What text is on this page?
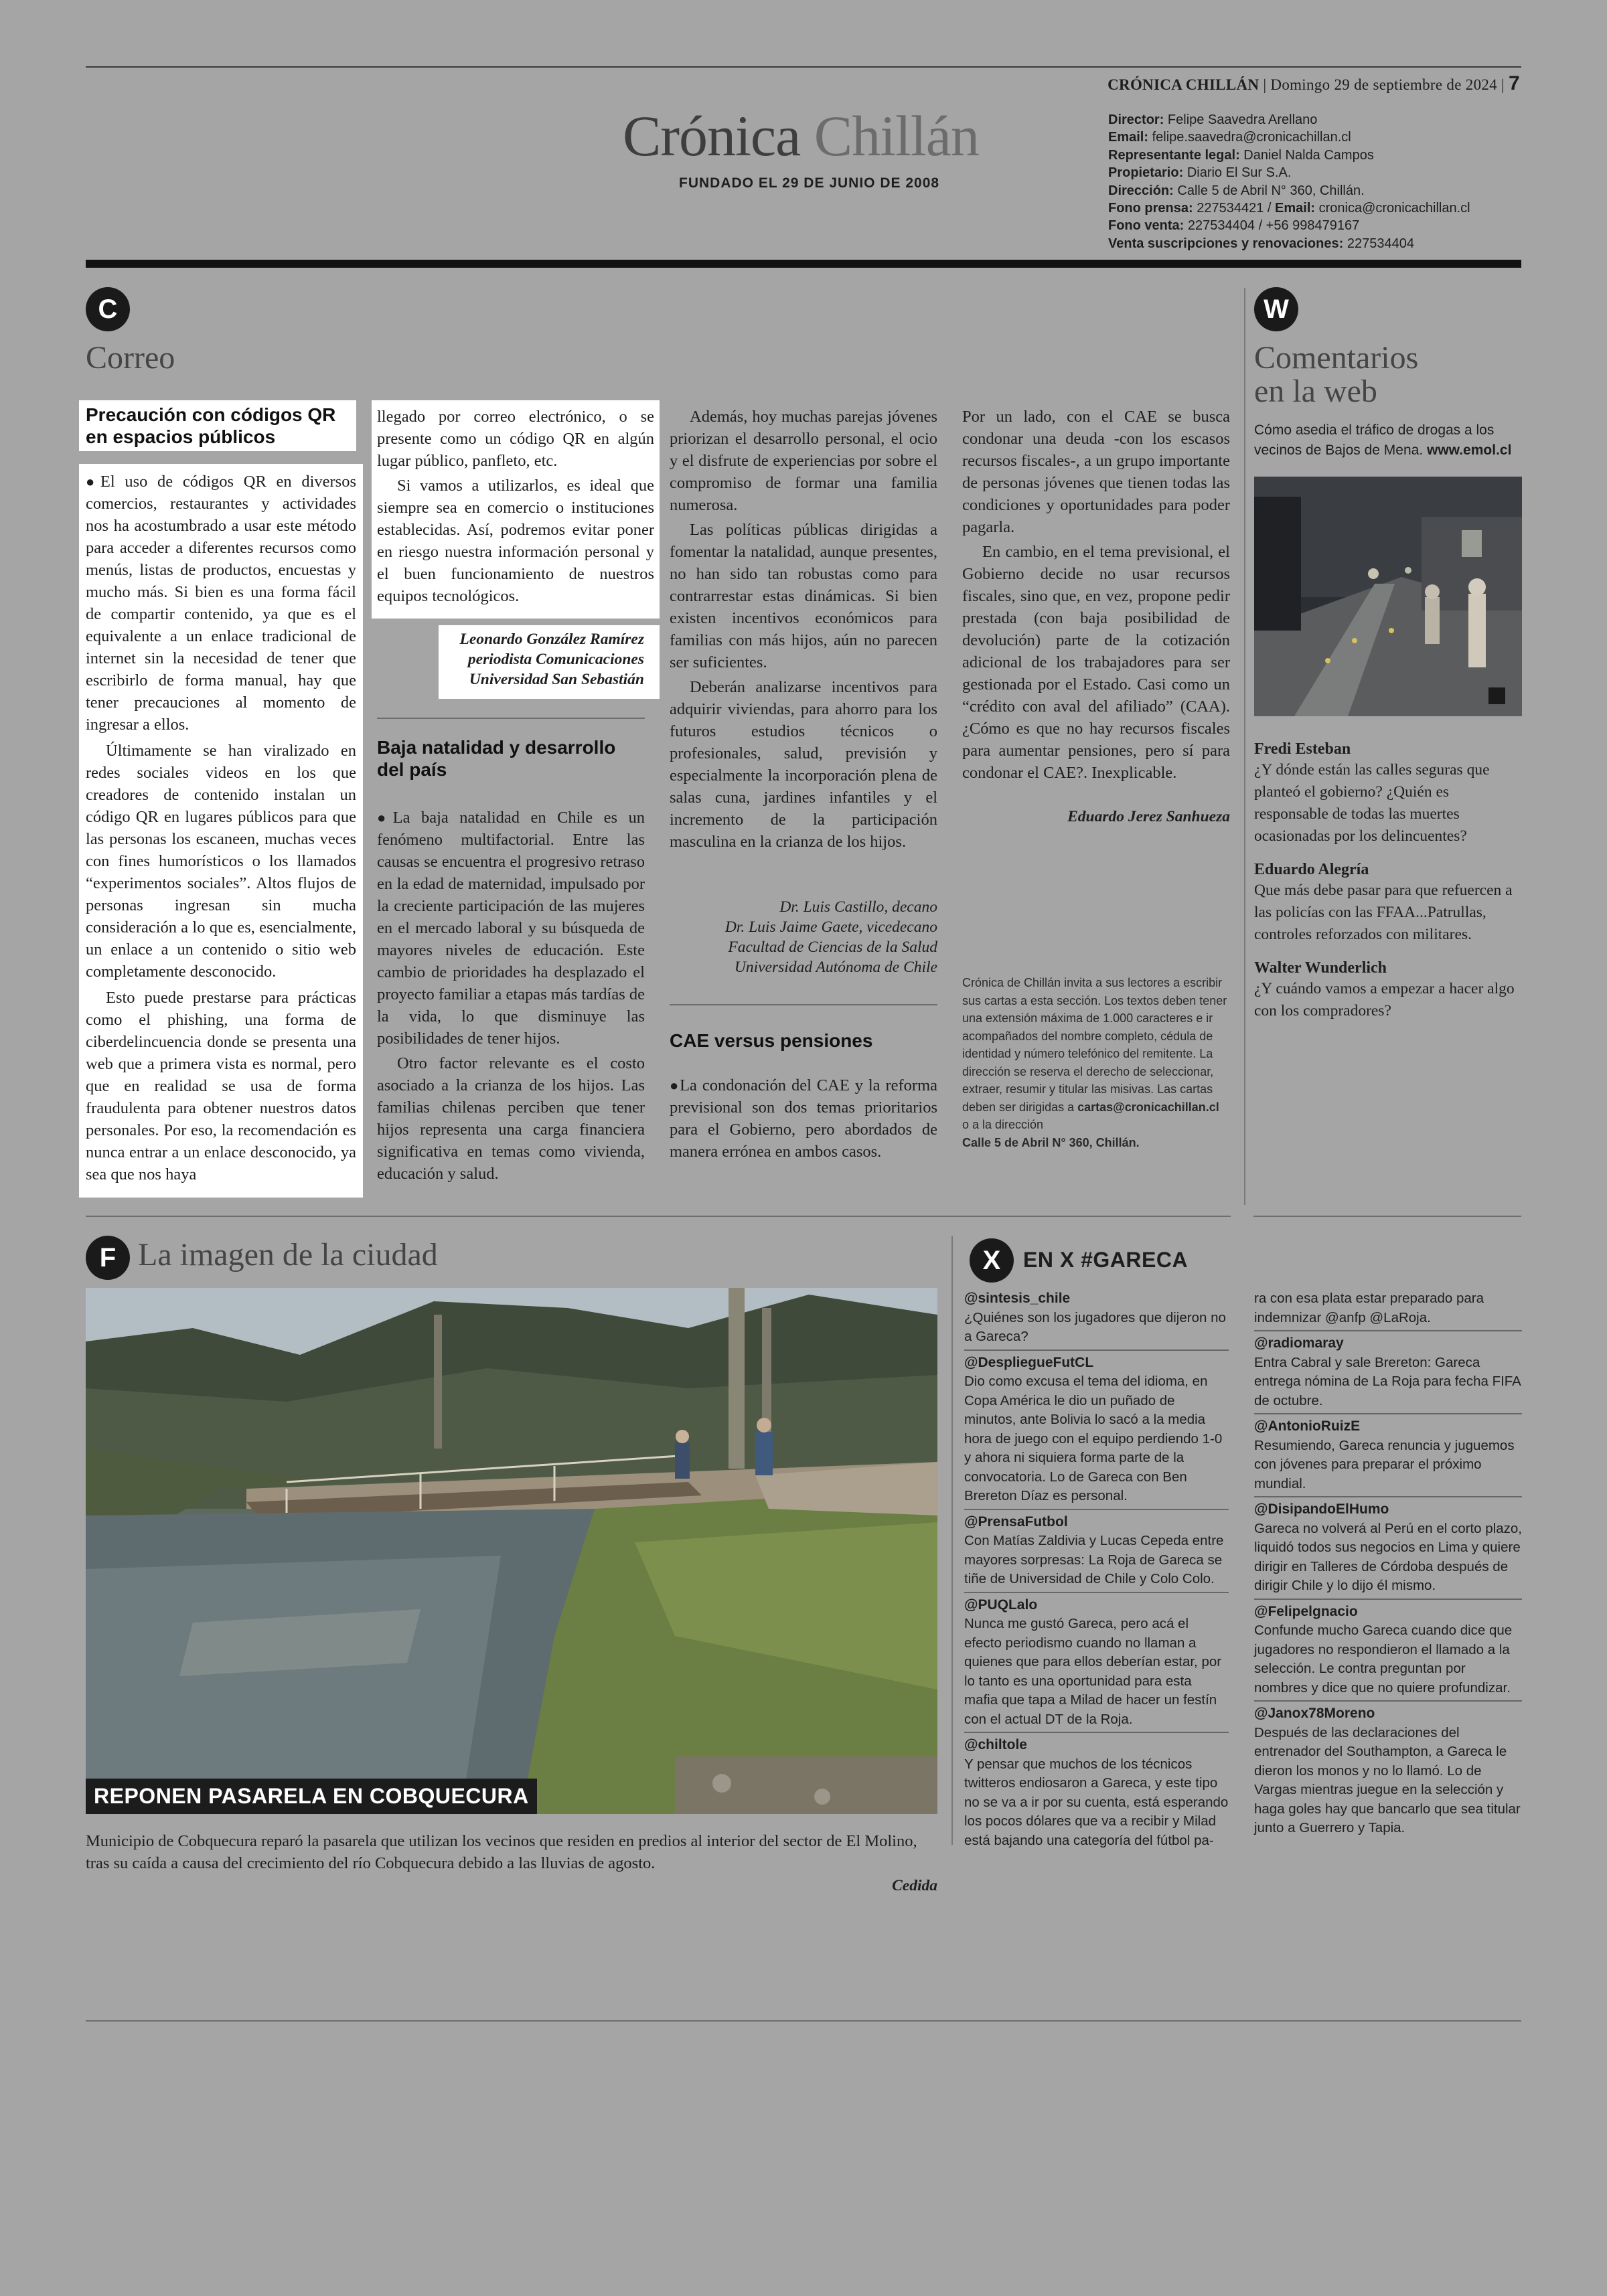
CRÓNICA CHILLÁN | Domingo 29 de septiembre de 2024 | 7
Crónica Chillán
FUNDADO EL 29 DE JUNIO DE 2008
Director: Felipe Saavedra Arellano
Email: felipe.saavedra@cronicachillan.cl
Representante legal: Daniel Nalda Campos
Propietario: Diario El Sur S.A.
Dirección: Calle 5 de Abril N° 360, Chillán.
Fono prensa: 227534421 / Email: cronica@cronicachillan.cl
Fono venta: 227534404 / +56 998479167
Venta suscripciones y renovaciones: 227534404
C
Correo
Precaución con códigos QR en espacios públicos

●El uso de códigos QR en diversos comercios, restaurantes y actividades nos ha acostumbrado a usar este método para acceder a diferentes recursos como menús, listas de productos, encuestas y mucho más. Si bien es una forma fácil de compartir contenido, ya que es el equivalente a un enlace tradicional de internet sin la necesidad de tener que escribirlo de forma manual, hay que tener precauciones al momento de ingresar a ellos.

Últimamente se han viralizado en redes sociales videos en los que creadores de contenido instalan un código QR en lugares públicos para que las personas los escaneen, muchas veces con fines humorísticos o los llamados “experimentos sociales”. Altos flujos de personas ingresan sin mucha consideración a lo que es, esencialmente, un enlace a un contenido o sitio web completamente desconocido.

Esto puede prestarse para prácticas como el phishing, una forma de ciberdelincuencia donde se presenta una web que a primera vista es normal, pero que en realidad se usa de forma fraudulenta para obtener nuestros datos personales. Por eso, la recomendación es nunca entrar a un enlace desconocido, ya sea que nos haya

llegado por correo electrónico, o se presente como un código QR en algún lugar público, panfleto, etc.

Si vamos a utilizarlos, es ideal que siempre sea en comercio o instituciones establecidas. Así, podremos evitar poner en riesgo nuestra información personal y el buen funcionamiento de nuestros equipos tecnológicos.

Leonardo González Ramírez
periodista Comunicaciones
Universidad San Sebastián
Baja natalidad y desarrollo del país

●La baja natalidad en Chile es un fenómeno multifactorial. Entre las causas se encuentra el progresivo retraso en la edad de maternidad, impulsado por la creciente participación de las mujeres en el mercado laboral y su búsqueda de mayores niveles de educación. Este cambio de prioridades ha desplazado el proyecto familiar a etapas más tardías de la vida, lo que disminuye las posibilidades de tener hijos.

Otro factor relevante es el costo asociado a la crianza de los hijos. Las familias chilenas perciben que tener hijos representa una carga financiera significativa en temas como vivienda, educación y salud.

Además, hoy muchas parejas jóvenes priorizan el desarrollo personal, el ocio y el disfrute de experiencias por sobre el compromiso de formar una familia numerosa.

Las políticas públicas dirigidas a fomentar la natalidad, aunque presentes, no han sido tan robustas como para contrarrestar estas dinámicas. Si bien existen incentivos económicos para familias con más hijos, aún no parecen ser suficientes.

Deberán analizarse incentivos para adquirir viviendas, para ahorro para los futuros estudios técnicos o profesionales, salud, previsión y especialmente la incorporación plena de salas cuna, jardines infantiles y el incremento de la participación masculina en la crianza de los hijos.

Dr. Luis Castillo, decano
Dr. Luis Jaime Gaete, vicedecano
Facultad de Ciencias de la Salud
Universidad Autónoma de Chile
CAE versus pensiones

●La condonación del CAE y la reforma previsional son dos temas prioritarios para el Gobierno, pero abordados de manera errónea en ambos casos.

Por un lado, con el CAE se busca condonar una deuda -con los escasos recursos fiscales-, a un grupo importante de personas jóvenes que tienen todas las condiciones y oportunidades para poder pagarla.

En cambio, en el tema previsional, el Gobierno decide no usar recursos fiscales, sino que, en vez, propone pedir prestada (con baja posibilidad de devolución) parte de la cotización adicional de los trabajadores para ser gestionada por el Estado. Casi como un “crédito con aval del afiliado” (CAA). ¿Cómo es que no hay recursos fiscales para aumentar pensiones, pero sí para condonar el CAE?. Inexplicable.

Eduardo Jerez Sanhueza
Crónica de Chillán invita a sus lectores a escribir sus cartas a esta sección. Los textos deben tener una extensión máxima de 1.000 caracteres e ir acompañados del nombre completo, cédula de identidad y número telefónico del remitente. La dirección se reserva el derecho de seleccionar, extraer, resumir y titular las misivas. Las cartas deben ser dirigidas a cartas@cronicachillan.cl
o a la dirección
Calle 5 de Abril N° 360, Chillán.
W
Comentarios
en la web
Cómo asedia el tráfico de drogas a los vecinos de Bajos de Mena. www.emol.cl
Fredi Esteban
¿Y dónde están las calles seguras que planteó el gobierno? ¿Quién es responsable de todas las muertes ocasionadas por los delincuentes?
Eduardo Alegría
Que más debe pasar para que refuercen a las policías con las FFAA...Patrullas, controles reforzados con militares.
Walter Wunderlich
¿Y cuándo vamos a empezar a hacer algo con los compradores?
F La imagen de la ciudad
REPONEN PASARELA EN COBQUECURA
Municipio de Cobquecura reparó la pasarela que utilizan los vecinos que residen en predios al interior del sector de El Molino, tras su caída a causa del crecimiento del río Cobquecura debido a las lluvias de agosto.
Cedida
X	EN X #GARECA
@sintesis_chile
¿Quiénes son los jugadores que dijeron no a Gareca?
@DesplieguеFutCL
Dio como excusa el tema del idioma, en Copa América le dio un puñado de minutos, ante Bolivia lo sacó a la media hora de juego con el equipo perdiendo 1-0 y ahora ni siquiera forma parte de la convocatoria. Lo de Gareca con Ben Brereton Díaz es personal.
@PrensaFutbol
Con Matías Zaldivia y Lucas Cepeda entre mayores sorpresas: La Roja de Gareca se tiñe de Universidad de Chile y Colo Colo.
@PUQLalo
Nunca me gustó Gareca, pero acá el efecto periodismo cuando no llaman a quienes que para ellos deberían estar, por lo tanto es una oportunidad para esta mafia que tapa a Milad de hacer un festín con el actual DT de la Roja.
@chiltole
Y pensar que muchos de los técnicos twitteros endiosaron a Gareca, y este tipo no se va a ir por su cuenta, está esperando los pocos dólares que va a recibir y Milad está bajando una categoría del fútbol pa-
ra con esa plata estar preparado para indemnizar @anfp @LaRoja.
@radiomaray
Entra Cabral y sale Brereton: Gareca entrega nómina de La Roja para fecha FIFA de octubre.
@AntonioRuizE
Resumiendo, Gareca renuncia y juguemos con jóvenes para preparar el próximo mundial.
@DisipandoElHumo
Gareca no volverá al Perú en el corto plazo, liquidó todos sus negocios en Lima y quiere dirigir en Talleres de Córdoba después de dirigir Chile y lo dijo él mismo.
@Felipelgnacio
Confunde mucho Gareca cuando dice que jugadores no respondieron el llamado a la selección. Le contra preguntan por nombres y dice que no quiere profundizar.
@Janox78Moreno
Después de las declaraciones del entrenador del Southampton, a Gareca le dieron los monos y no lo llamó. Lo de Vargas mientras juegue en la selección y haga goles hay que bancarlo que sea titular junto a Guerrero y Tapia.
